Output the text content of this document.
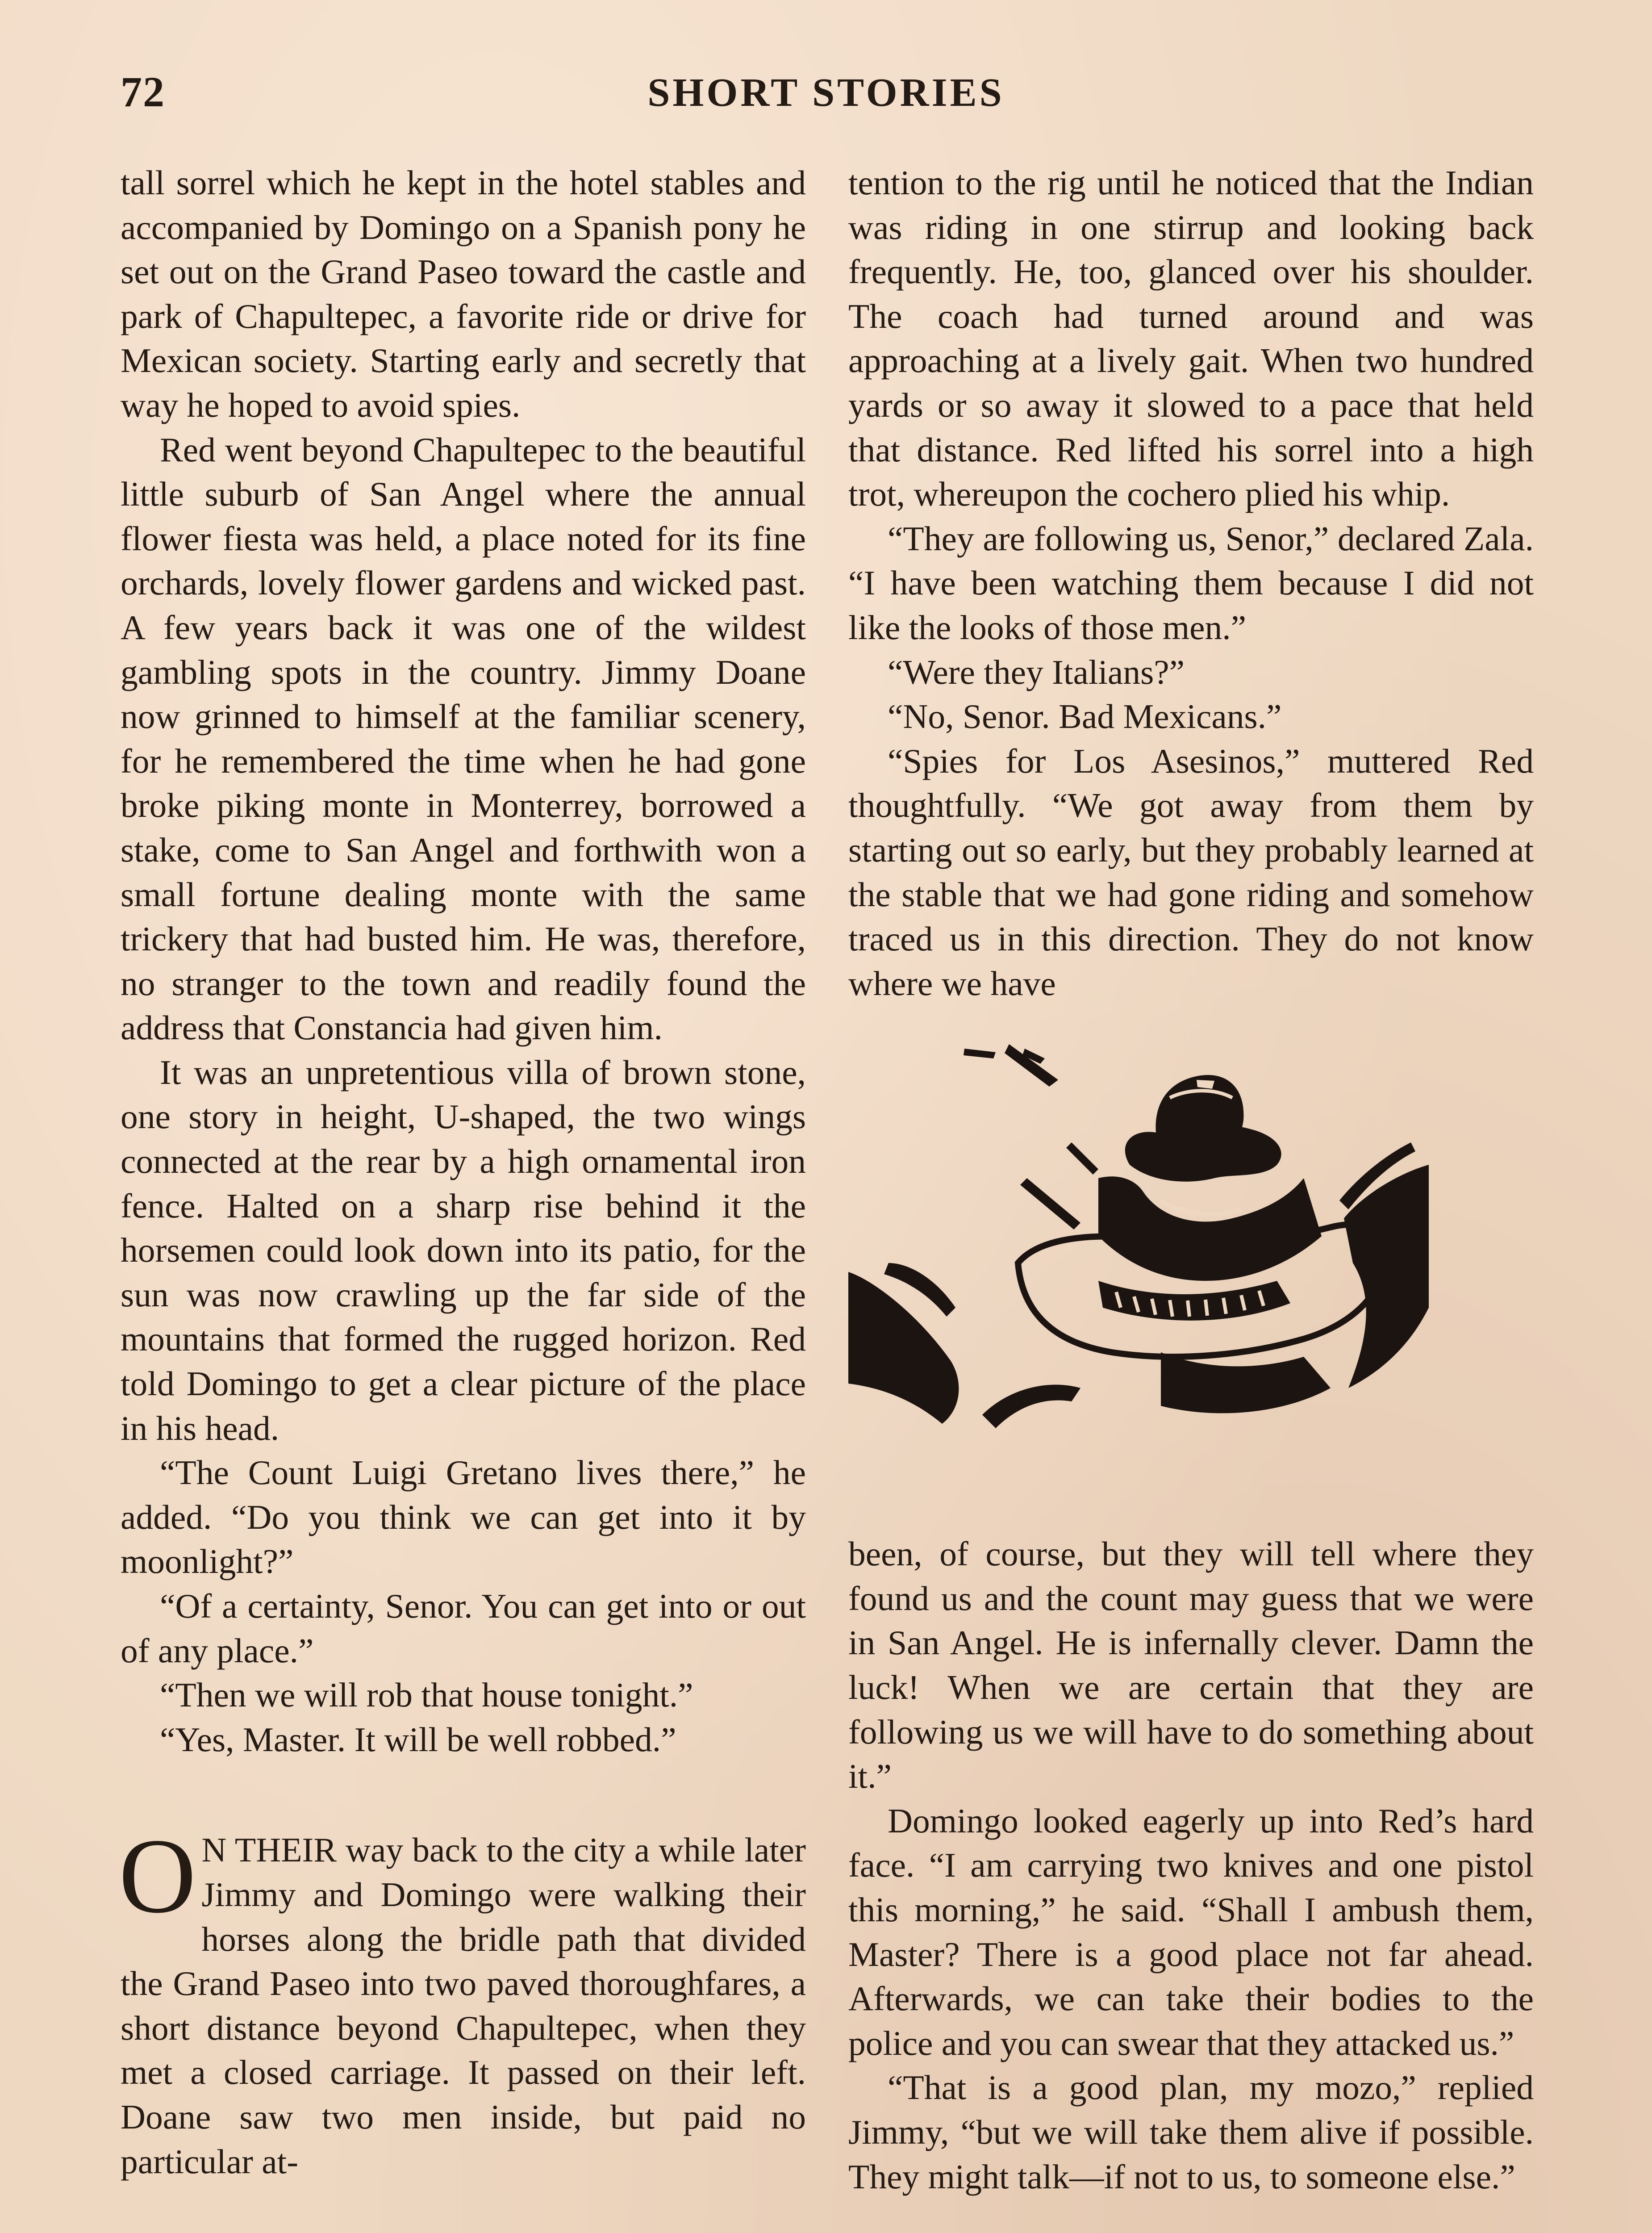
72	SHORT STORIES

tall sorrel which he kept in the hotel stables and accompanied by Domingo on a Spanish pony he set out on the Grand Paseo toward the castle and park of Chapultepec, a favorite ride or drive for Mexican society. Starting early and secretly that way he hoped to avoid spies.

Red went beyond Chapultepec to the beautiful little suburb of San Angel where the annual flower fiesta was held, a place noted for its fine orchards, lovely flower gardens and wicked past. A few years back it was one of the wildest gambling spots in the country. Jimmy Doane now grinned to himself at the familiar scenery, for he remembered the time when he had gone broke piking monte in Monterrey, borrowed a stake, come to San Angel and forthwith won a small fortune dealing monte with the same trickery that had busted him. He was, therefore, no stranger to the town and readily found the address that Constancia had given him.

It was an unpretentious villa of brown stone, one story in height, U-shaped, the two wings connected at the rear by a high ornamental iron fence. Halted on a sharp rise behind it the horsemen could look down into its patio, for the sun was now crawling up the far side of the mountains that formed the rugged horizon. Red told Domingo to get a clear picture of the place in his head.

“The Count Luigi Gretano lives there,” he added. “Do you think we can get into it by moonlight?”

“Of a certainty, Senor. You can get into or out of any place.”

“Then we will rob that house tonight.”

“Yes, Master. It will be well robbed.”

O N THEIR way back to the city a while later Jimmy and Domingo were walking their horses along the bridle path that divided the Grand Paseo into two paved thoroughfares, a short distance beyond Chapultepec, when they met a closed carriage. It passed on their left. Doane saw two men inside, but paid no particular at-

tention to the rig until he noticed that the Indian was riding in one stirrup and looking back frequently. He, too, glanced over his shoulder. The coach had turned around and was approaching at a lively gait. When two hundred yards or so away it slowed to a pace that held that distance. Red lifted his sorrel into a high trot, whereupon the cochero plied his whip.

“They are following us, Senor,” declared Zala. “I have been watching them because I did not like the looks of those men.”

“Were they Italians?”

“No, Senor. Bad Mexicans.”

“Spies for Los Asesinos,” muttered Red thoughtfully. “We got away from them by starting out so early, but they probably learned at the stable that we had gone riding and somehow traced us in this direction. They do not know where we have

been, of course, but they will tell where they found us and the count may guess that we were in San Angel. He is infernally clever. Damn the luck! When we are certain that they are following us we will have to do something about it.”

Domingo looked eagerly up into Red’s hard face. “I am carrying two knives and one pistol this morning,” he said. “Shall I ambush them, Master? There is a good place not far ahead. Afterwards, we can take their bodies to the police and you can swear that they attacked us.”

“That is a good plan, my mozo,” replied Jimmy, “but we will take them alive if possible. They might talk—if not to us, to someone else.”
